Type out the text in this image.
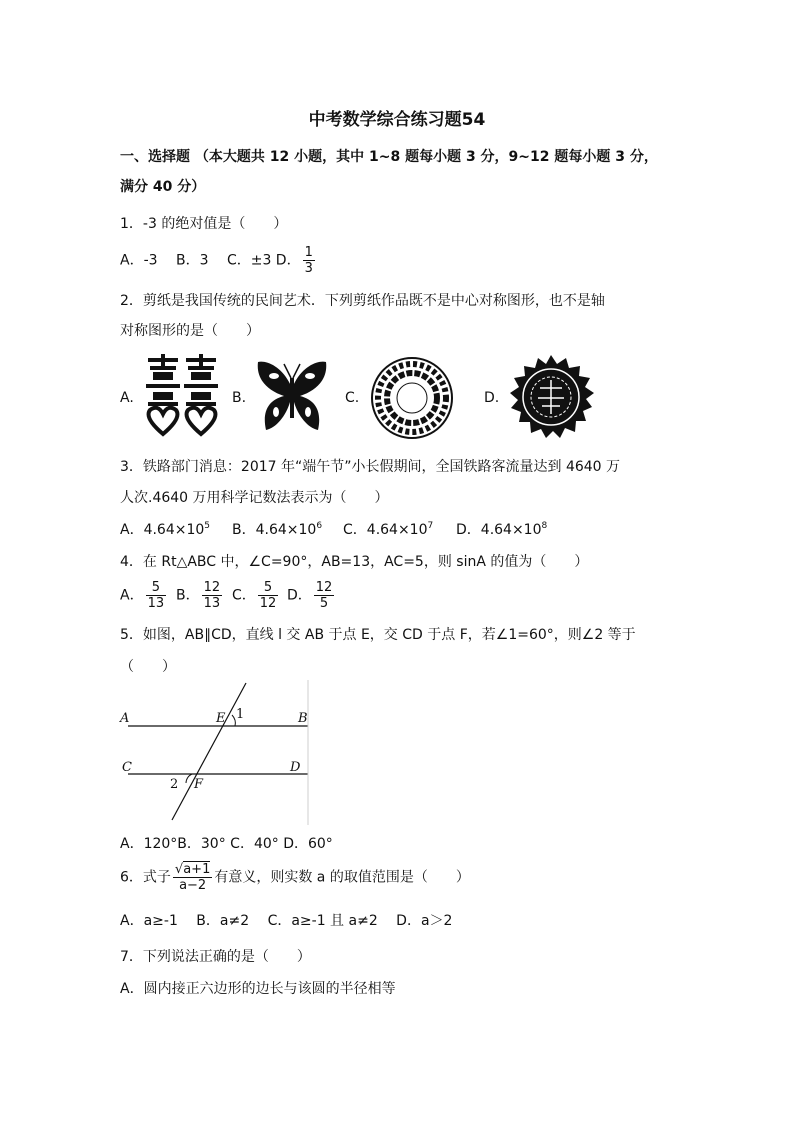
中考数学综合练习题54
一、选择题 （本大题共 12 小题，其中 1~8 题每小题 3 分，9~12 题每小题 3 分，
满分 40 分）
1．-3 的绝对值是（　　）
A．-3　 B．3　 C．±3 D． $\frac{1}{3}$
2．剪纸是我国传统的民间艺术．下列剪纸作品既不是中心对称图形，也不是轴
对称图形的是（　　）
A.	B.	C.	D.
3．铁路部门消息：2017 年“端午节”小长假期间，全国铁路客流量达到 4640 万
人次.4640 万用科学记数法表示为（　　）
A．$4.64\times 10^5$ B．$4.64\times 10^6$ C．$4.64\times 10^7$ D．$4.64\times 10^8$
4．在 Rt△ABC 中，∠C=90°，AB=13，AC=5，则 sinA 的值为（　　）
A． $\frac{5}{13}$ B． $\frac{12}{13}$ C． $\frac{5}{12}$ D． $\frac{12}{5}$
5．如图，AB∥CD，直线 l 交 AB 于点 E，交 CD 于点 F，若∠1=60°，则∠2 等于
（　　）
A	B
C	D
E
F
1
2
A．120°B．30° C．40° D．60°
6．式子 $\frac{√a+1}{a-2}$ 有意义，则实数 a 的取值范围是（　　）
A．a≥-1　 B．a≠2　 C．a≥-1 且 a≠2　 D．a＞2
7．下列说法正确的是（　　）
A．圆内接正六边形的边长与该圆的半径相等
